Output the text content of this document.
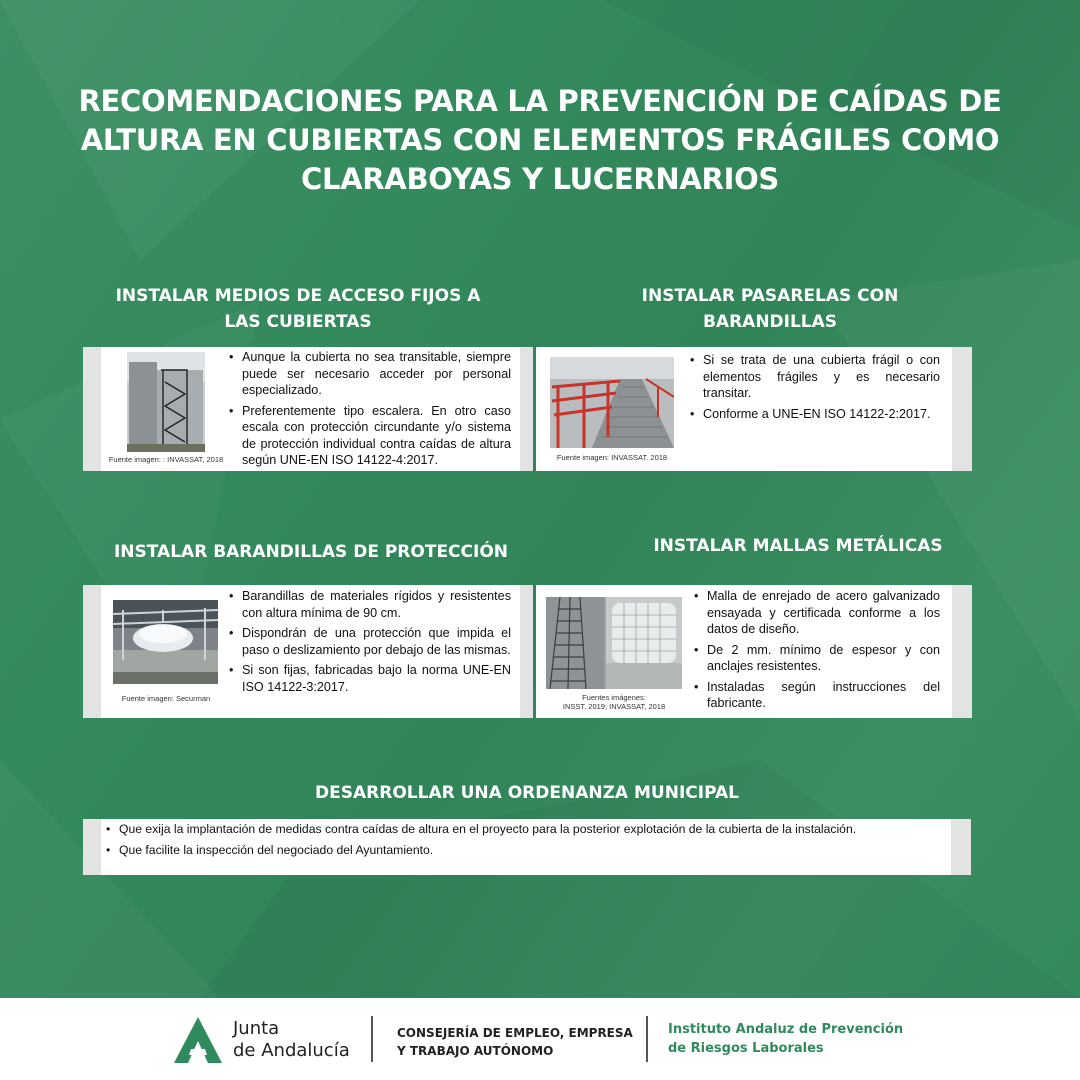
RECOMENDACIONES PARA LA PREVENCIÓN DE CAÍDAS DE
ALTURA EN CUBIERTAS CON ELEMENTOS FRÁGILES COMO
CLARABOYAS Y LUCERNARIOS
INSTALAR MEDIOS DE ACCESO FIJOS A
LAS CUBIERTAS
Fuente imagen: : INVASSAT, 2018
• Aunque la cubierta no sea transitable, siempre puede ser necesario acceder por personal especializado.
• Preferentemente tipo escalera. En otro caso escala con protección circundante y/o sistema de protección individual contra caídas de altura según UNE-EN ISO 14122-4:2017.
INSTALAR PASARELAS CON
BARANDILLAS
Fuente imagen: INVASSAT. 2018
• Si se trata de una cubierta frágil o con elementos frágiles y es necesario transitar.
• Conforme a UNE-EN ISO 14122-2:2017.
INSTALAR BARANDILLAS DE PROTECCIÓN
Fuente imagen: Securman
• Barandillas de materiales rígidos y resistentes con altura mínima de 90 cm.
• Dispondrán de una protección que impida el paso o deslizamiento por debajo de las mismas.
• Si son fijas, fabricadas bajo la norma UNE-EN ISO 14122-3:2017.
INSTALAR MALLAS METÁLICAS
Fuentes imágenes:
INSST, 2019; INVASSAT, 2018
• Malla de enrejado de acero galvanizado ensayada y certificada conforme a los datos de diseño.
• De 2 mm. mínimo de espesor y con anclajes resistentes.
• Instaladas según instrucciones del fabricante.
DESARROLLAR UNA ORDENANZA MUNICIPAL
• Que exija la implantación de medidas contra caídas de altura en el proyecto para la posterior explotación de la cubierta de la instalación.
• Que facilite la inspección del negociado del Ayuntamiento.
Junta
de Andalucía
CONSEJERÍA DE EMPLEO, EMPRESA
Y TRABAJO AUTÓNOMO
Instituto Andaluz de Prevención
de Riesgos Laborales
